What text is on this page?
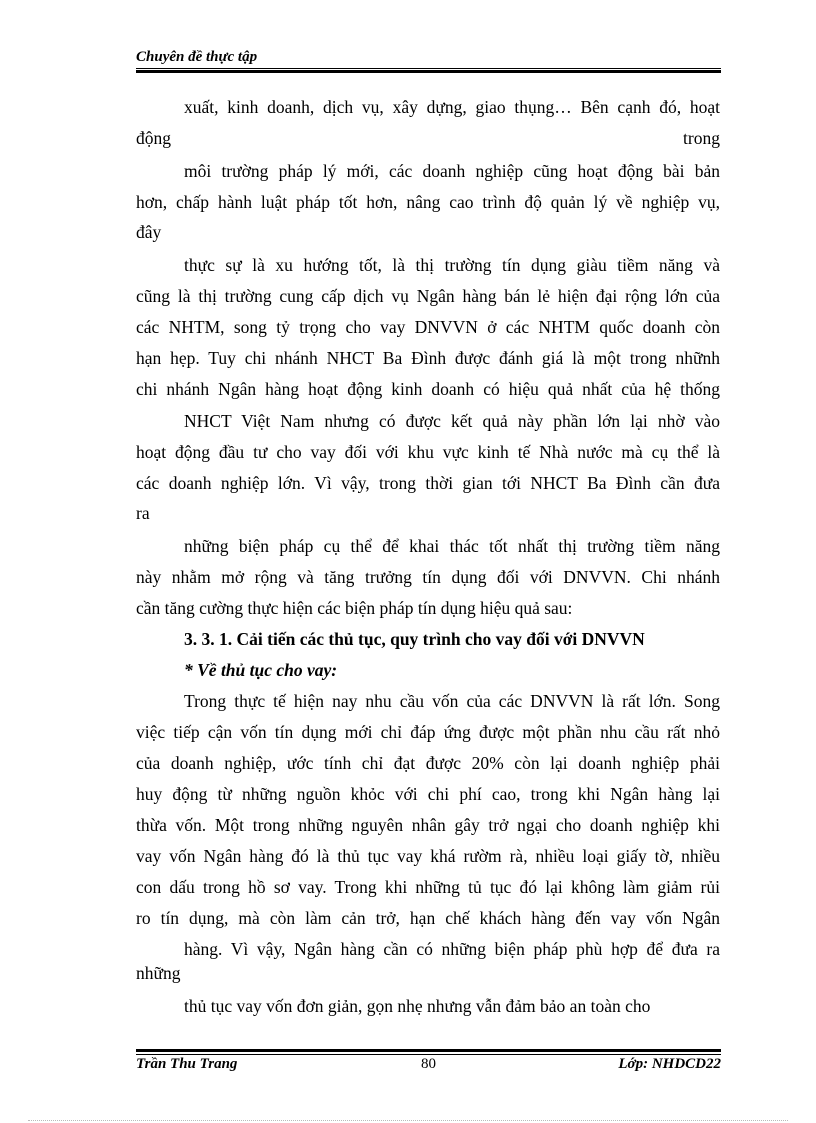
Chuyên đề thực tập
xuất, kinh doanh, dịch vụ, xây dựng, giao thụng… Bên cạnh đó, hoạt
động trong
môi trường pháp lý mới, các doanh nghiệp cũng hoạt động bài bản
hơn, chấp hành luật pháp tốt hơn, nâng cao trình độ quản lý về nghiệp vụ,
đây
thực sự là xu hướng tốt, là thị trường tín dụng giàu tiềm năng và
cũng là thị trường cung cấp dịch vụ Ngân hàng bán lẻ hiện đại rộng lớn của
các NHTM, song tỷ trọng cho vay DNVVN ở các NHTM quốc doanh còn
hạn hẹp. Tuy chi nhánh NHCT Ba Đình được đánh giá là một trong nhữnh
chi nhánh Ngân hàng hoạt động kinh doanh có hiệu quả nhất của hệ thống
NHCT Việt Nam nhưng có được kết quả này phần lớn lại nhờ vào
hoạt động đầu tư cho vay đối với khu vực kinh tế Nhà nước mà cụ thể là
các doanh nghiệp lớn. Vì vậy, trong thời gian tới NHCT Ba Đình cần đưa
ra
những biện pháp cụ thể để khai thác tốt nhất thị trường tiềm năng
này nhằm mở rộng và tăng trưởng tín dụng đối với DNVVN. Chi nhánh
cần tăng cường thực hiện các biện pháp tín dụng hiệu quả sau:
3. 3. 1. Cải tiến các thủ tục, quy trình cho vay đối với DNVVN
* Về thủ tục cho vay:
Trong thực tế hiện nay nhu cầu vốn của các DNVVN là rất lớn. Song
việc tiếp cận vốn tín dụng mới chỉ đáp ứng được một phần nhu cầu rất nhỏ
của doanh nghiệp, ước tính chỉ đạt được 20% còn lại doanh nghiệp phải
huy động từ những nguồn khỏc với chi phí cao, trong khi Ngân hàng lại
thừa vốn. Một trong những nguyên nhân gây trở ngại cho doanh nghiệp khi
vay vốn Ngân hàng đó là thủ tục vay khá rườm rà, nhiều loại giấy tờ, nhiều
con dấu trong hồ sơ vay. Trong khi những tủ tục đó lại không làm giảm rủi
ro tín dụng, mà còn làm cản trở, hạn chế khách hàng đến vay vốn Ngân
hàng. Vì vậy, Ngân hàng cần có những biện pháp phù hợp để đưa ra
những
thủ tục vay vốn đơn giản, gọn nhẹ nhưng vẫn đảm bảo an toàn cho
Trần Thu Trang	80	Lớp: NHDCD22
